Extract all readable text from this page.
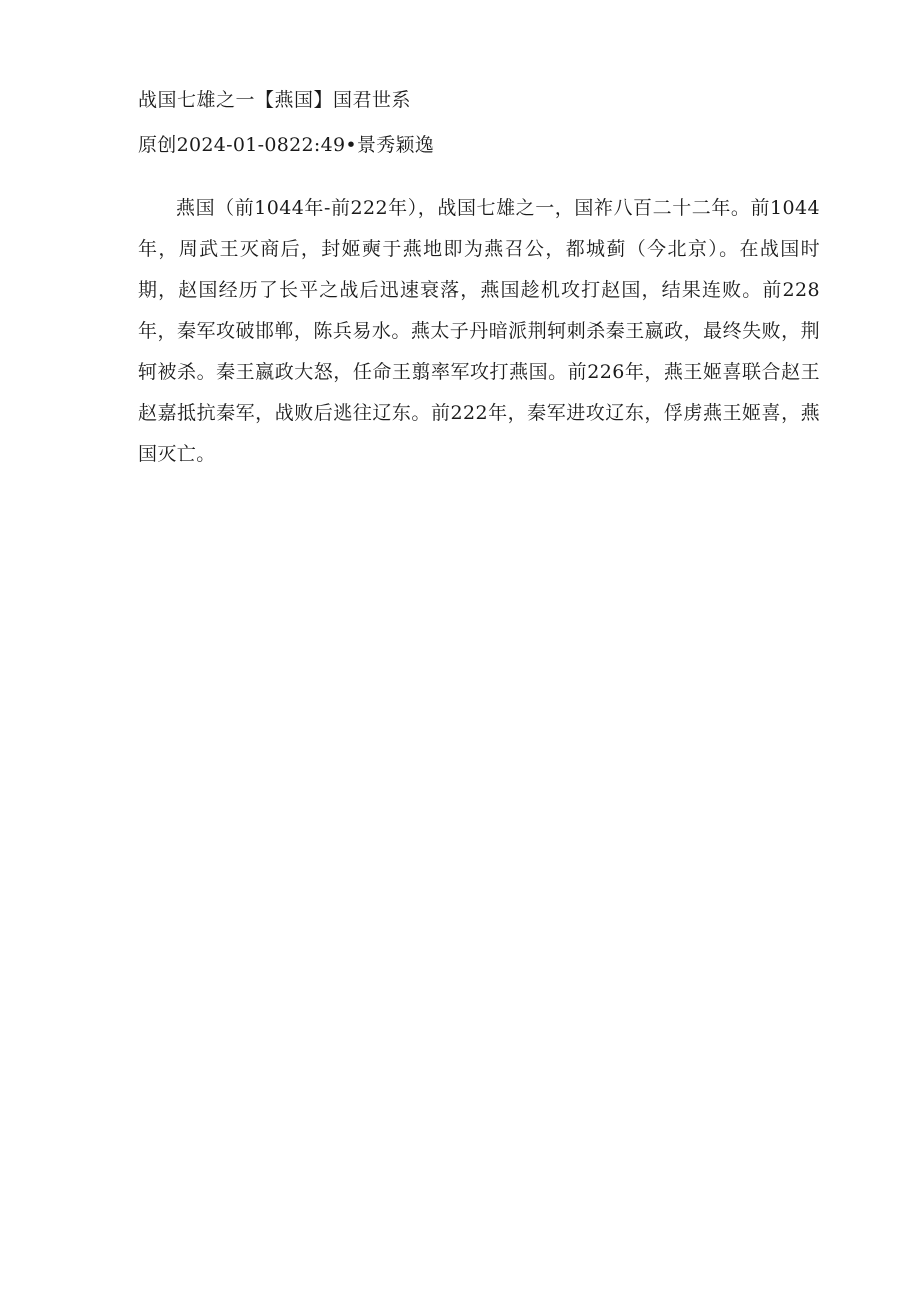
战国七雄之一【燕国】国君世系
原创2024-01-0822:49•景秀颖逸

燕国（前1044年-前222年），战国七雄之一，国祚八百二十二年。前1044年，周武王灭商后，封姬奭于燕地即为燕召公，都城蓟（今北京）。在战国时期，赵国经历了长平之战后迅速衰落，燕国趁机攻打赵国，结果连败。前228年，秦军攻破邯郸，陈兵易水。燕太子丹暗派荆轲刺杀秦王嬴政，最终失败，荆轲被杀。秦王嬴政大怒，任命王翦率军攻打燕国。前226年，燕王姬喜联合赵王赵嘉抵抗秦军，战败后逃往辽东。前222年，秦军进攻辽东，俘虏燕王姬喜，燕国灭亡。
